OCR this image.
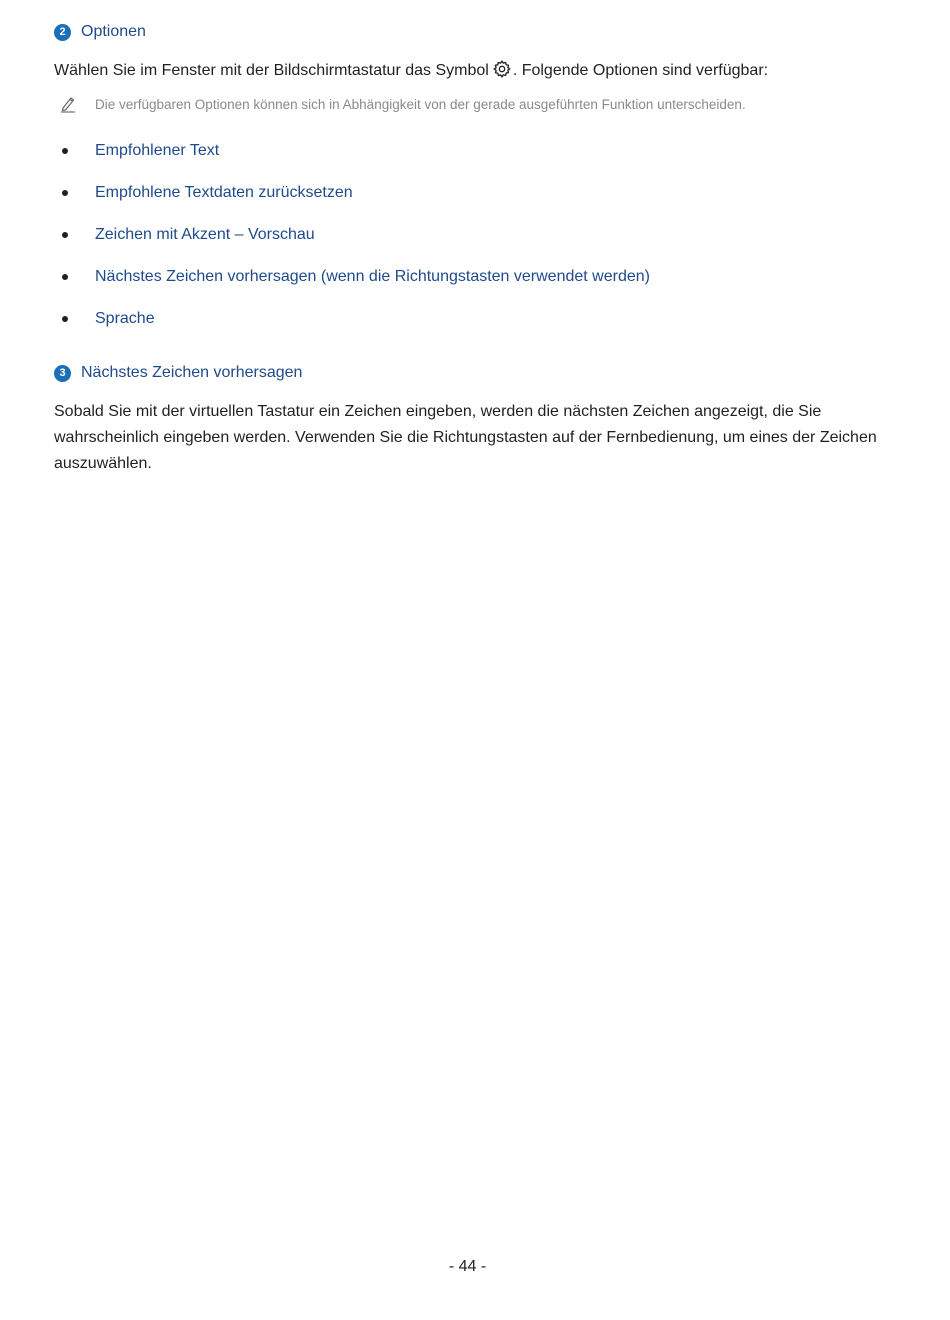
2 Optionen
Wählen Sie im Fenster mit der Bildschirmtastatur das Symbol . Folgende Optionen sind verfügbar:
Die verfügbaren Optionen können sich in Abhängigkeit von der gerade ausgeführten Funktion unterscheiden.
Empfohlener Text
Empfohlene Textdaten zurücksetzen
Zeichen mit Akzent – Vorschau
Nächstes Zeichen vorhersagen (wenn die Richtungstasten verwendet werden)
Sprache
3 Nächstes Zeichen vorhersagen
Sobald Sie mit der virtuellen Tastatur ein Zeichen eingeben, werden die nächsten Zeichen angezeigt, die Sie
wahrscheinlich eingeben werden. Verwenden Sie die Richtungstasten auf der Fernbedienung, um eines der Zeichen
auszuwählen.
- 44 -
